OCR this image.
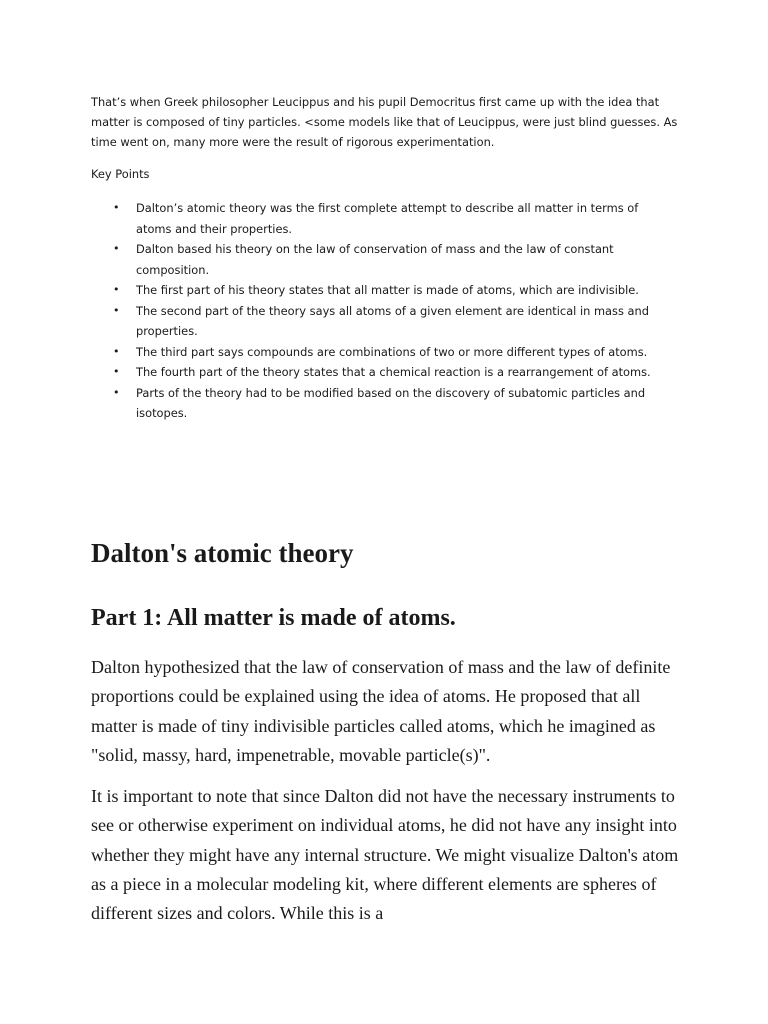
That’s when Greek philosopher Leucippus and his pupil Democritus first came up with the idea that matter is composed of tiny particles. <some models like that of Leucippus, were just blind guesses. As time went on, many more were the result of rigorous experimentation.

Key Points

• Dalton’s atomic theory was the first complete attempt to describe all matter in terms of atoms and their properties.
• Dalton based his theory on the law of conservation of mass and the law of constant composition.
• The first part of his theory states that all matter is made of atoms, which are indivisible.
• The second part of the theory says all atoms of a given element are identical in mass and properties.
• The third part says compounds are combinations of two or more different types of atoms.
• The fourth part of the theory states that a chemical reaction is a rearrangement of atoms.
• Parts of the theory had to be modified based on the discovery of subatomic particles and isotopes.
Dalton's atomic theory
Part 1: All matter is made of atoms.

Dalton hypothesized that the law of conservation of mass and the law of definite proportions could be explained using the idea of atoms. He proposed that all matter is made of tiny indivisible particles called atoms, which he imagined as "solid, massy, hard, impenetrable, movable particle(s)".

It is important to note that since Dalton did not have the necessary instruments to see or otherwise experiment on individual atoms, he did not have any insight into whether they might have any internal structure. We might visualize Dalton's atom as a piece in a molecular modeling kit, where different elements are spheres of different sizes and colors. While this is a
